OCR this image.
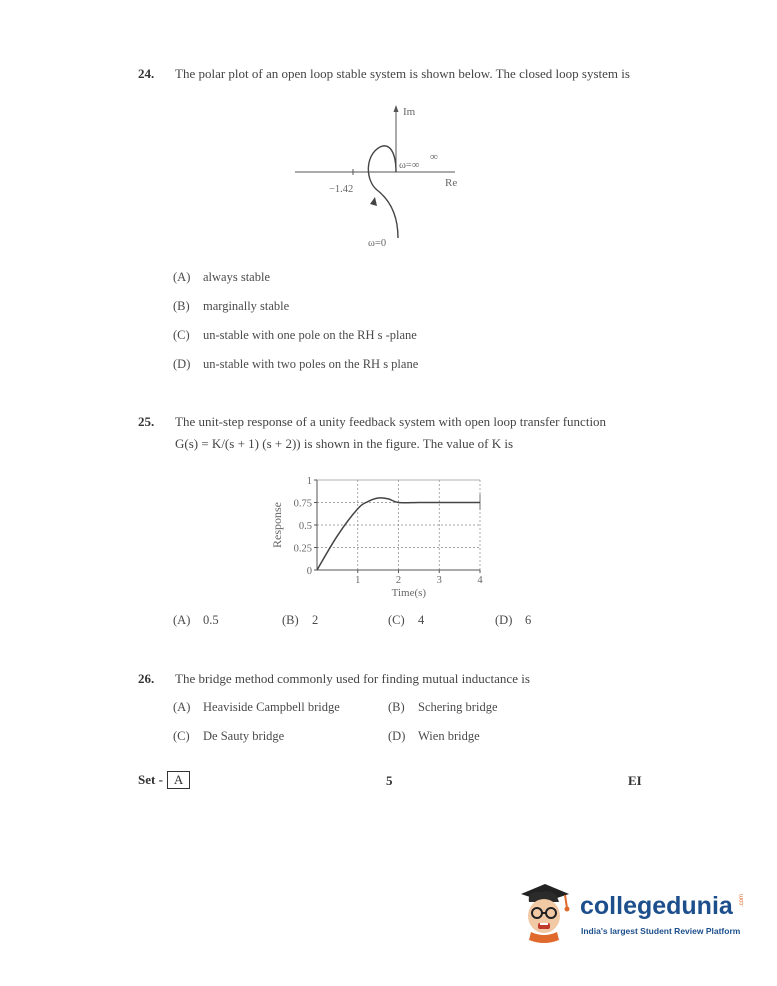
24. The polar plot of an open loop stable system is shown below. The closed loop system is
Im
Re
−1.42
ω=∞
∞
ω=0
(A) always stable
(B) marginally stable
(C) un-stable with one pole on the RH s -plane
(D) un-stable with two poles on the RH s plane
25. The unit-step response of a unity feedback system with open loop transfer function
G(s) = K/(s + 1) (s + 2)) is shown in the figure. The value of K is
0
0.25
0.5
0.75
1
1	2	3	4
Response
Time(s)
(A) 0.5	(B) 2	(C) 4	(D) 6
26. The bridge method commonly used for finding mutual inductance is
(A) Heaviside Campbell bridge	(B) Schering bridge
(C) De Sauty bridge	(D) Wien bridge
Set - A	5	EI
collegedunia .com
India's largest Student Review Platform
